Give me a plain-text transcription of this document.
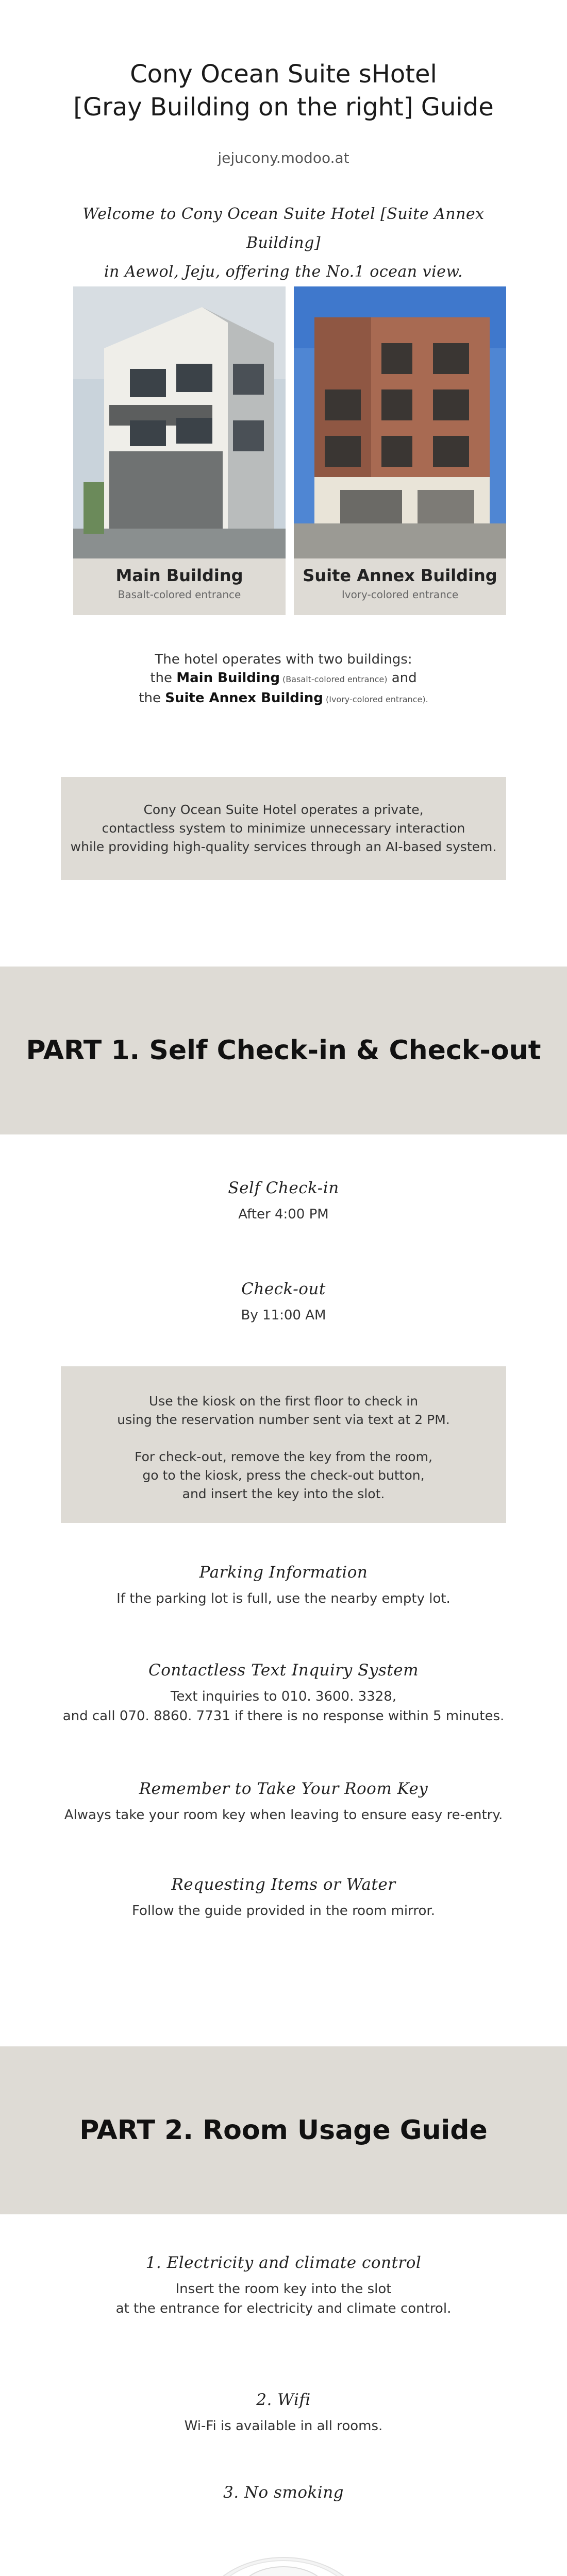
Cony Ocean Suite sHotel
[Gray Building on the right] Guide
jejucony.modoo.at
Welcome to Cony Ocean Suite Hotel [Suite Annex Building]
in Aewol, Jeju, offering the No.1 ocean view.
Main Building
Basalt-colored entrance
Suite Annex Building
Ivory-colored entrance
The hotel operates with two buildings:
the Main Building (Basalt-colored entrance) and
the Suite Annex Building (Ivory-colored entrance).
Cony Ocean Suite Hotel operates a private,
contactless system to minimize unnecessary interaction
while providing high-quality services through an AI-based system.
PART 1. Self Check-in & Check-out
Self Check-in
After 4:00 PM
Check-out
By 11:00 AM

Use the kiosk on the first floor to check in

using the reservation number sent via text at 2 PM.

For check-out, remove the key from the room,

go to the kiosk, press the check-out button,

and insert the key into the slot.

Parking Information
If the parking lot is full, use the nearby empty lot.
Contactless Text Inquiry System
Text inquiries to 010. 3600. 3328,
and call 070. 8860. 7731 if there is no response within 5 minutes.
Remember to Take Your Room Key
Always take your room key when leaving to ensure easy re-entry.
Requesting Items or Water
Follow the guide provided in the room mirror.
PART 2. Room Usage Guide
1. Electricity and climate control
Insert the room key into the slot
at the entrance for electricity and climate control.
2. Wifi
Wi-Fi is available in all rooms.
3. No smoking
